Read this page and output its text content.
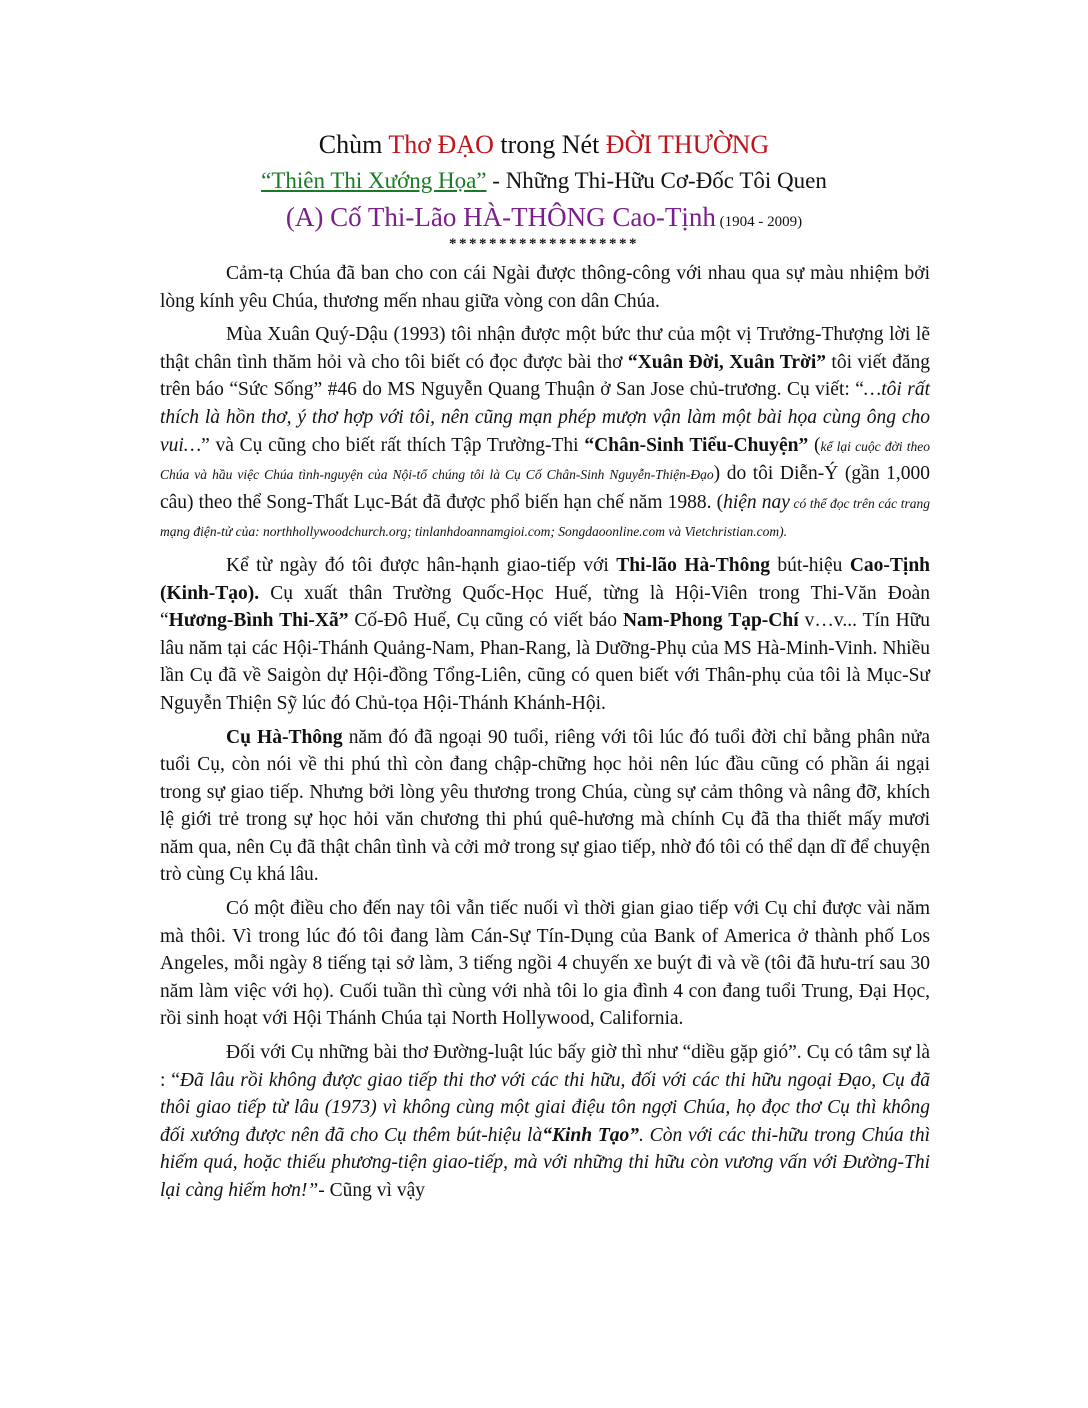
Chùm Thơ ĐẠO trong Nét ĐỜI THƯỜNG
“Thiên Thi Xướng Họa” - Những Thi-Hữu Cơ-Đốc Tôi Quen
(A) Cố Thi-Lão HÀ-THÔNG Cao-Tịnh (1904 - 2009)
*******************

Cảm-tạ Chúa đã ban cho con cái Ngài được thông-công với nhau qua sự màu nhiệm bởi lòng kính yêu Chúa, thương mến nhau giữa vòng con dân Chúa.

Mùa Xuân Quý-Dậu (1993) tôi nhận được một bức thư của một vị Trưởng-Thượng lời lẽ thật chân tình thăm hỏi và cho tôi biết có đọc được bài thơ “Xuân Đời, Xuân Trời” tôi viết đăng trên báo “Sức Sống” #46 do MS Nguyễn Quang Thuận ở San Jose chủ-trương. Cụ viết: “…tôi rất thích là hồn thơ, ý thơ hợp với tôi, nên cũng mạn phép mượn vận làm một bài họa cùng ông cho vui…” và Cụ cũng cho biết rất thích Tập Trường-Thi “Chân-Sinh Tiểu-Chuyện” (kể lại cuộc đời theo Chúa và hầu việc Chúa tình-nguyện của Nội-tổ chúng tôi là Cụ Cố Chân-Sinh Nguyễn-Thiện-Đạo) do tôi Diễn-Ý (gần 1,000 câu) theo thể Song-Thất Lục-Bát đã được phổ biến hạn chế năm 1988. (hiện nay có thể đọc trên các trang mạng điện-tử của: northhollywoodchurch.org; tinlanhdoannamgioi.com; Songdaoonline.com và Vietchristian.com).

Kể từ ngày đó tôi được hân-hạnh giao-tiếp với Thi-lão Hà-Thông bút-hiệu Cao-Tịnh (Kinh-Tạo). Cụ xuất thân Trường Quốc-Học Huế, từng là Hội-Viên trong Thi-Văn Đoàn “Hương-Bình Thi-Xã” Cố-Đô Huế, Cụ cũng có viết báo Nam-Phong Tạp-Chí v…v... Tín Hữu lâu năm tại các Hội-Thánh Quảng-Nam, Phan-Rang, là Dưỡng-Phụ của MS Hà-Minh-Vinh. Nhiều lần Cụ đã về Saigòn dự Hội-đồng Tổng-Liên, cũng có quen biết với Thân-phụ của tôi là Mục-Sư Nguyễn Thiện Sỹ lúc đó Chủ-tọa Hội-Thánh Khánh-Hội.

Cụ Hà-Thông năm đó đã ngoại 90 tuổi, riêng với tôi lúc đó tuổi đời chỉ bằng phân nửa tuổi Cụ, còn nói về thi phú thì còn đang chập-chững học hỏi nên lúc đầu cũng có phần ái ngại trong sự giao tiếp. Nhưng bởi lòng yêu thương trong Chúa, cùng sự cảm thông và nâng đỡ, khích lệ giới trẻ trong sự học hỏi văn chương thi phú quê-hương mà chính Cụ đã tha thiết mấy mươi năm qua, nên Cụ đã thật chân tình và cởi mở trong sự giao tiếp, nhờ đó tôi có thể dạn dĩ để chuyện trò cùng Cụ khá lâu.

Có một điều cho đến nay tôi vẫn tiếc nuối vì thời gian giao tiếp với Cụ chỉ được vài năm mà thôi. Vì trong lúc đó tôi đang làm Cán-Sự Tín-Dụng của Bank of America ở thành phố Los Angeles, mỗi ngày 8 tiếng tại sở làm, 3 tiếng ngồi 4 chuyến xe buýt đi và về (tôi đã hưu-trí sau 30 năm làm việc với họ). Cuối tuần thì cùng với nhà tôi lo gia đình 4 con đang tuổi Trung, Đại Học, rồi sinh hoạt với Hội Thánh Chúa tại North Hollywood, California.

Đối với Cụ những bài thơ Đường-luật lúc bấy giờ thì như “diều gặp gió”. Cụ có tâm sự là : “Đã lâu rồi không được giao tiếp thi thơ với các thi hữu, đối với các thi hữu ngoại Đạo, Cụ đã thôi giao tiếp từ lâu (1973) vì không cùng một giai điệu tôn ngợi Chúa, họ đọc thơ Cụ thì không đối xướng được nên đã cho Cụ thêm bút-hiệu là“Kinh Tạo”. Còn với các thi-hữu trong Chúa thì hiếm quá, hoặc thiếu phương-tiện giao-tiếp, mà với những thi hữu còn vương vấn với Đường-Thi lại càng hiếm hơn!”- Cũng vì vậy
